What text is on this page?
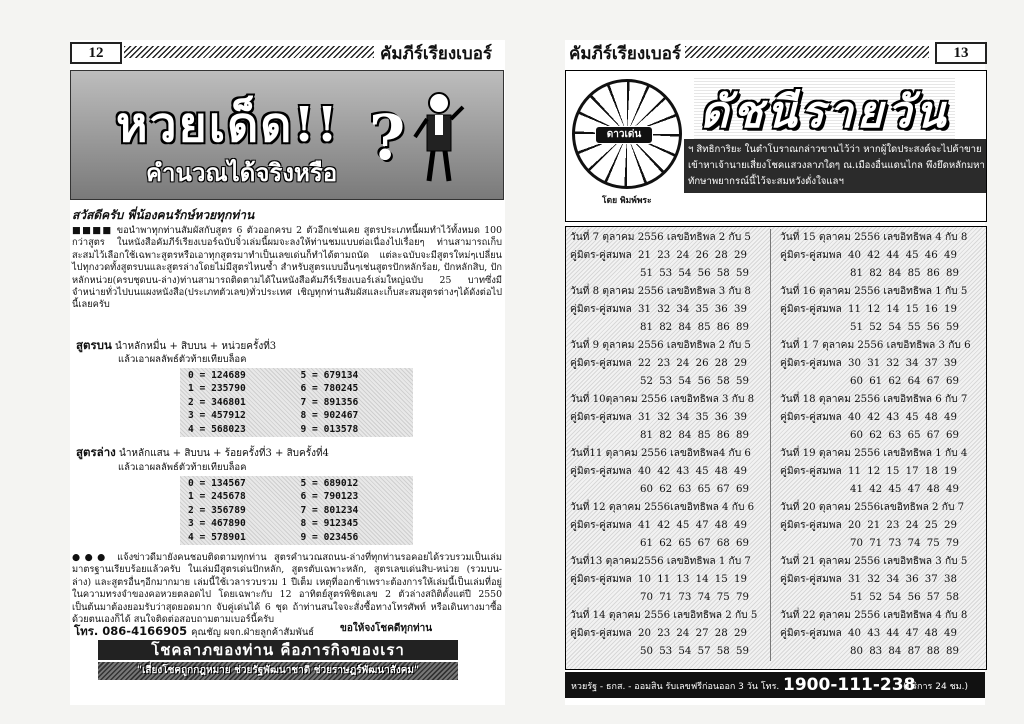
12	คัมภีร์เรียงเบอร์
หวยเด็ด!!
คำนวณได้จริงหรือ ?
สวัสดีครับ พี่น้องคนรักษ์หวยทุกท่าน
■■■■ ขอนำพาทุกท่านสัมผัสกับสูตร 6 ตัวออกครบ 2 ตัวอีกเช่นเคย สูตรประเภทนี้ผมทำไว้ทั้งหมด 100 กว่าสูตร ในหนังสือคัมภีร์เรียงเบอร์ฉบับจิ๋วเล่มนี้ผมจะลงให้ท่านชมแบบต่อเนื่องไปเรื่อยๆ ท่านสามารถเก็บสะสมไว้เลือกใช้เฉพาะสูตรหรือเอาทุกสูตรมาทำเป็นเลขเด่นก็ทำได้ตามถนัด แต่ละฉบับจะมีสูตรใหม่ๆเปลี่ยนไปทุกงวดทั้งสูตรบนและสูตรล่างโดยไม่มีสูตรไหนซ้ำ สำหรับสูตรแบบอื่นๆเช่นสูตรปักหลักร้อย, ปักหลักสิบ, ปักหลักหน่วย(ครบชุดบน-ล่าง)ท่านสามารถติดตามได้ในหนังสือคัมภีร์เรียงเบอร์เล่มใหญ่ฉบับ 25 บาทซึ่งมีจำหน่ายทั่วไปบนแผงหนังสือ(ประเภทตัวเลข)ทั่วประเทศ เชิญทุกท่านสัมผัสและเก็บสะสมสูตรต่างๆได้ดังต่อไปนี้เลยครับ
สูตรบน นำหลักหมื่น + สิบบน + หน่วยครั้งที่3
แล้วเอาผลลัพธ์ตัวท้ายเทียบล็อค
0 = 124689	5 = 679134
1 = 235790	6 = 780245
2 = 346801	7 = 891356
3 = 457912	8 = 902467
4 = 568023	9 = 013578
สูตรล่าง นำหลักแสน + สิบบน + ร้อยครั้งที่3 + สิบครั้งที่4
แล้วเอาผลลัพธ์ตัวท้ายเทียบล็อค
0 = 134567	5 = 689012
1 = 245678	6 = 790123
2 = 356789	7 = 801234
3 = 467890	8 = 912345
4 = 578901	9 = 023456
●●● แจ้งข่าวดีมายังคนชอบติดตามทุกท่าน สูตรคำนวณสถนน-ล่างที่ทุกท่านรอคอยได้รวบรวมเป็นเล่มมาตรฐานเรียบร้อยแล้วครับ ในเล่มมีสูตรเด่นปักหลัก, สูตรตับเฉพาะหลัก, สูตรเลขเด่นสิบ-หน่วย (รวมบน-ล่าง) และสูตรอื่นๆอีกมากมาย เล่มนี้ใช้เวลารวบรวม 1 ปีเต็ม เหตุที่ออกช้าเพราะต้องการให้เล่มนี้เป็นเล่มที่อยู่ในความทรงจำของคอหวยตลอดไป โดยเฉพาะกับ 12 อาทิตย์สูตรพิชิตเลข 2 ตัวล่างสถิติดั้งแต่ปี 2550 เป็นต้นมาต้องยอมรับว่าสุดยอดมาก จับคู่เด่นได้ 6 ชุด ถ้าท่านสนใจจะสั่งซื้อทางโทรศัพท์ หรือเดินทางมาซื้อด้วยตนเองก็ได้ สนใจติดต่อสอบถามตามเบอร์นี้ครับ
โทร. 086-4166905 คุณชัญ ผจก.ฝ่ายลูกค้าสัมพันธ์	ขอให้จงโชคดีทุกท่าน
โชคลาภของท่าน คือภารกิจของเรา
"เสี่ยงโชคถูกกฎหมาย ช่วยรัฐพัฒนาชาติ ช่วยราษฎร์พัฒนาสังคม"
คัมภีร์เรียงเบอร์	13
ดาวเด่น
โดย พิมพ์พระ
ดัชนีรายวัน
ฯ สิทธิการิยะ ในตำโบราณกล่าวขานไว้ว่า หากผู้ใดประสงค์จะไปค้าขาย เข้าหาเจ้านายเสี่ยงโชคแสวงลาภใดๆ ณ.เมืองอื่นแดนไกล พึงยึดหลักมหาทักษาพยากรณ์นี้ไว้จะสมหวังดั่งใจแลฯ
วันที่ 7 ตุลาคม 2556 เลขอิทธิพล 2 กับ 5
คู่มิตร-คู่สมพล 21 23 24 26 28 29
51 53 54 56 58 59
วันที่ 8 ตุลาคม 2556 เลขอิทธิพล 3 กับ 8
คู่มิตร-คู่สมพล 31 32 34 35 36 39
81 82 84 85 86 89
วันที่ 9 ตุลาคม 2556 เลขอิทธิพล 2 กับ 5
คู่มิตร-คู่สมพล 22 23 24 26 28 29
52 53 54 56 58 59
วันที่ 10ตุลาคม 2556 เลขอิทธิพล 3 กับ 8
คู่มิตร-คู่สมพล 31 32 34 35 36 39
81 82 84 85 86 89
วันที่11 ตุลาคม 2556 เลขอิทธิพล4 กับ 6
คู่มิตร-คู่สมพล 40 42 43 45 48 49
60 62 63 65 67 69
วันที่ 12 ตุลาคม 2556เลขอิทธิพล 4 กับ 6
คู่มิตร-คู่สมพล 41 42 45 47 48 49
61 62 65 67 68 69
วันที่13 ตุลาคม2556 เลขอิทธิพล 1 กับ 7
คู่มิตร-คู่สมพล 10 11 13 14 15 19
70 71 73 74 75 79
วันที่ 14 ตุลาคม 2556 เลขอิทธิพล 2 กับ 5
คู่มิตร-คู่สมพล 20 23 24 27 28 29
50 53 54 57 58 59
วันที่ 15 ตุลาคม 2556 เลขอิทธิพล 4 กับ 8
คู่มิตร-คู่สมพล 40 42 44 45 46 49
81 82 84 85 86 89
วันที่ 16 ตุลาคม 2556 เลขอิทธิพล 1 กับ 5
คู่มิตร-คู่สมพล 11 12 14 15 16 19
51 52 54 55 56 59
วันที่ 1 7 ตุลาคม 2556 เลขอิทธิพล 3 กับ 6
คู่มิตร-คู่สมพล 30 31 32 34 37 39
60 61 62 64 67 69
วันที่ 18 ตุลาคม 2556 เลขอิทธิพล 6 กับ 7
คู่มิตร-คู่สมพล 40 42 43 45 48 49
60 62 63 65 67 69
วันที่ 19 ตุลาคม 2556 เลขอิทธิพล 1 กับ 4
คู่มิตร-คู่สมพล 11 12 15 17 18 19
41 42 45 47 48 49
วันที่ 20 ตุลาคม 2556เลขอิทธิพล 2 กับ 7
คู่มิตร-คู่สมพล 20 21 23 24 25 29
70 71 73 74 75 79
วันที่ 21 ตุลาคม 2556 เลขอิทธิพล 3 กับ 5
คู่มิตร-คู่สมพล 31 32 34 36 37 38
51 52 54 56 57 58
วันที่ 22 ตุลาคม 2556 เลขอิทธิพล 4 กับ 8
คู่มิตร-คู่สมพล 40 43 44 47 48 49
80 83 84 87 88 89
หวยรัฐ - ธกส. - ออมสิน รับเลขฟรีก่อนออก 3 วัน โทร. 1900-111-238
(บริการ 24 ชม.)
